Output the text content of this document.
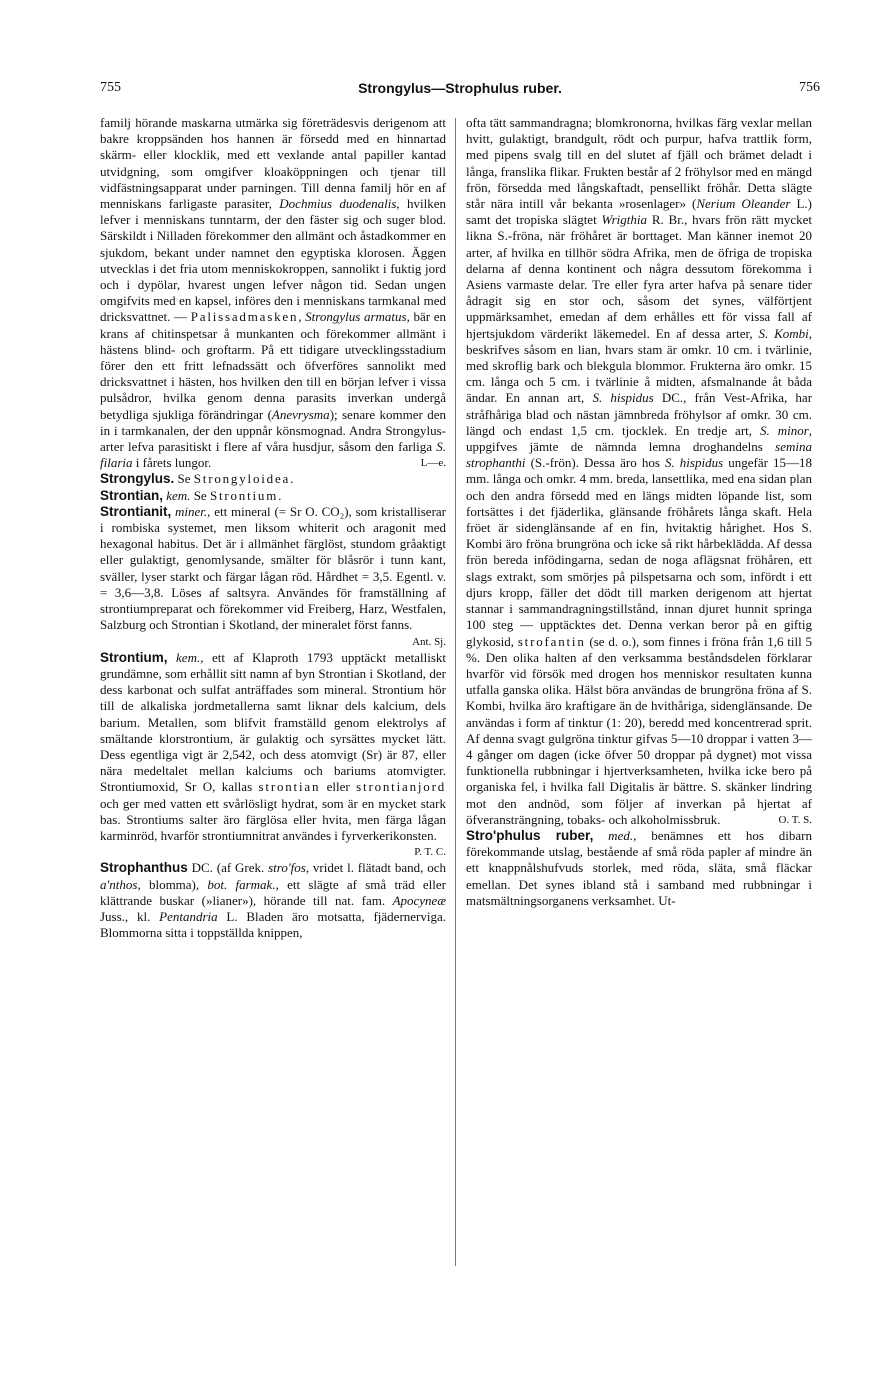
755	Strongylus—Strophulus ruber.	756

familj hörande maskarna utmärka sig företrädesvis derigenom att bakre kroppsänden hos hannen är försedd med en hinnartad skärm- eller klocklik, med ett vexlande antal papiller kantad utvidgning, som omgifver kloaköppningen och tjenar till vidfästningsapparat under parningen. Till denna familj hör en af menniskans farligaste parasiter, Dochmius duodenalis, hvilken lefver i menniskans tunntarm, der den fäster sig och suger blod. Särskildt i Nilladen förekommer den allmänt och åstadkommer en sjukdom, bekant under namnet den egyptiska klorosen. Äggen utvecklas i det fria utom menniskokroppen, sannolikt i fuktig jord och i dypölar, hvarest ungen lefver någon tid. Sedan ungen omgifvits med en kapsel, införes den i menniskans tarmkanal med dricksvattnet. — Palissadmasken, Strongylus armatus, bär en krans af chitinspetsar å munkanten och förekommer allmänt i hästens blind- och groftarm. På ett tidigare utvecklingsstadium förer den ett fritt lefnadssätt och öfverföres sannolikt med dricksvattnet i hästen, hos hvilken den till en början lefver i vissa pulsådror, hvilka genom denna parasits inverkan undergå betydliga sjukliga förändringar (Anevrysma); senare kommer den in i tarmkanalen, der den uppnår könsmognad. Andra Strongylus-arter lefva parasitiskt i flere af våra husdjur, såsom den farliga S. filaria i fårets lungor.	L—e.

Strongylus. Se Strongyloidea.

Strontian, kem. Se Strontium.

Strontianit, miner., ett mineral (= Sr O. CO₂), som kristalliserar i rombiska systemet, men liksom whiterit och aragonit med hexagonal habitus. Det är i allmänhet färglöst, stundom gråaktigt eller gulaktigt, genomlysande, smälter för blåsrör i tunn kant, sväller, lyser starkt och färgar lågan röd. Hårdhet = 3,5. Egentl. v. = 3,6—3,8. Löses af saltsyra. Användes för framställning af strontiumpreparat och förekommer vid Freiberg, Harz, Westfalen, Salzburg och Strontian i Skotland, der mineralet först fanns.
Ant. Sj.

Strontium, kem., ett af Klaproth 1793 upptäckt metalliskt grundämne, som erhållit sitt namn af byn Strontian i Skotland, der dess karbonat och sulfat anträffades som mineral. Strontium hör till de alkaliska jordmetallerna samt liknar dels kalcium, dels barium. Metallen, som blifvit framställd genom elektrolys af smältande klorstrontium, är gulaktig och syrsättes mycket lätt. Dess egentliga vigt är 2,542, och dess atomvigt (Sr) är 87, eller nära medeltalet mellan kalciums och bariums atomvigter. Strontiumoxid, Sr O, kallas strontian eller strontianjord och ger med vatten ett svårlösligt hydrat, som är en mycket stark bas. Strontiums salter äro färglösa eller hvita, men färga lågan karminröd, hvarför strontiumnitrat användes i fyrverkerikonsten.
P. T. C.

Strophanthus DC. (af Grek. stro'fos, vridet l. flätadt band, och a'nthos, blomma), bot. farmak., ett slägte af små träd eller klättrande buskar (»lianer»), hörande till nat. fam. Apocyneæ Juss., kl. Pentandria L. Bladen äro motsatta, fjädernerviga. Blommorna sitta i toppställda knippen,

ofta tätt sammandragna; blomkronorna, hvilkas färg vexlar mellan hvitt, gulaktigt, brandgult, rödt och purpur, hafva trattlik form, med pipens svalg till en del slutet af fjäll och brämet deladt i långa, franslika flikar. Frukten består af 2 fröhylsor med en mängd frön, försedda med långskaftadt, pensellikt fröhår. Detta slägte står nära intill vår bekanta »rosenlager» (Nerium Oleander L.) samt det tropiska slägtet Wrigthia R. Br., hvars frön rätt mycket likna S.-fröna, när fröhåret är borttaget. Man känner inemot 20 arter, af hvilka en tillhör södra Afrika, men de öfriga de tropiska delarna af denna kontinent och några dessutom förekomma i Asiens varmaste delar. Tre eller fyra arter hafva på senare tider ådragit sig en stor och, såsom det synes, välförtjent uppmärksamhet, emedan af dem erhålles ett för vissa fall af hjertsjukdom värderikt läkemedel. En af dessa arter, S. Kombi, beskrifves såsom en lian, hvars stam är omkr. 10 cm. i tvärlinie, med skroflig bark och blekgula blommor. Frukterna äro omkr. 15 cm. långa och 5 cm. i tvärlinie å midten, afsmalnande åt båda ändar. En annan art, S. hispidus DC., från Vest-Afrika, har stråfhåriga blad och nästan jämnbreda fröhylsor af omkr. 30 cm. längd och endast 1,5 cm. tjocklek. En tredje art, S. minor, uppgifves jämte de nämnda lemna droghandelns semina strophanthi (S.-frön). Dessa äro hos S. hispidus ungefär 15—18 mm. långa och omkr. 4 mm. breda, lansettlika, med ena sidan plan och den andra försedd med en längs midten löpande list, som fortsättes i det fjäderlika, glänsande fröhårets långa skaft. Hela fröet är sidenglänsande af en fin, hvitaktig hårighet. Hos S. Kombi äro fröna brungröna och icke så rikt hårbeklädda. Af dessa frön bereda infödingarna, sedan de noga aflägsnat fröhåren, ett slags extrakt, som smörjes på pilspetsarna och som, infördt i ett djurs kropp, fäller det dödt till marken derigenom att hjertat stannar i sammandragningstillstånd, innan djuret hunnit springa 100 steg — upptäcktes det. Denna verkan beror på en giftig glykosid, strofantin (se d. o.), som finnes i fröna från 1,6 till 5 %. Den olika halten af den verksamma beståndsdelen förklarar hvarför vid försök med drogen hos menniskor resultaten kunna utfalla ganska olika. Hälst böra användas de brungröna fröna af S. Kombi, hvilka äro kraftigare än de hvithåriga, sidenglänsande. De användas i form af tinktur (1: 20), beredd med koncentrerad sprit. Af denna svagt gulgröna tinktur gifvas 5—10 droppar i vatten 3—4 gånger om dagen (icke öfver 50 droppar på dygnet) mot vissa funktionella rubbningar i hjertverksamheten, hvilka icke bero på organiska fel, i hvilka fall Digitalis är bättre. S. skänker lindring mot den andnöd, som följer af inverkan på hjertat af öfveransträngning, tobaks- och alkoholmissbruk.	O. T. S.

Stro'phulus ruber, med., benämnes ett hos dibarn förekommande utslag, bestående af små röda papler af mindre än ett knappnålshufvuds storlek, med röda, släta, små fläckar emellan. Det synes ibland stå i samband med rubbningar i matsmältningsorganens verksamhet. Ut-
